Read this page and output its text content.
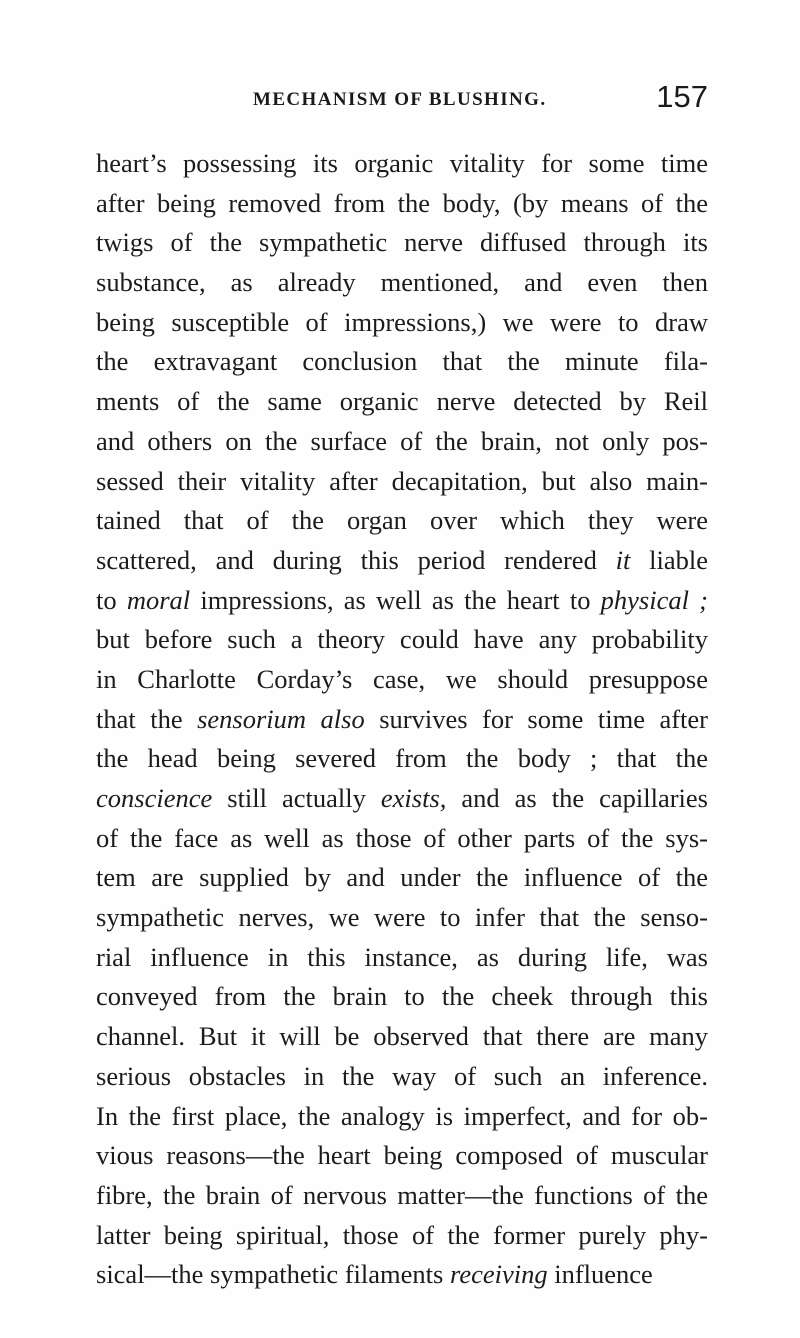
MECHANISM OF BLUSHING.	157
heart’s possessing its organic vitality for some time
after being removed from the body, (by means of the
twigs of the sympathetic nerve diffused through its
substance, as already mentioned, and even then
being susceptible of impressions,) we were to draw
the extravagant conclusion that the minute fila-
ments of the same organic nerve detected by Reil
and others on the surface of the brain, not only pos-
sessed their vitality after decapitation, but also main-
tained that of the organ over which they were
scattered, and during this period rendered it liable
to moral impressions, as well as the heart to physical ;
but before such a theory could have any probability
in Charlotte Corday’s case, we should presuppose
that the sensorium also survives for some time after
the head being severed from the body ; that the
conscience still actually exists, and as the capillaries
of the face as well as those of other parts of the sys-
tem are supplied by and under the influence of the
sympathetic nerves, we were to infer that the senso-
rial influence in this instance, as during life, was
conveyed from the brain to the cheek through this
channel. But it will be observed that there are many
serious obstacles in the way of such an inference.
In the first place, the analogy is imperfect, and for ob-
vious reasons—the heart being composed of muscular
fibre, the brain of nervous matter—the functions of the
latter being spiritual, those of the former purely phy-
sical—the sympathetic filaments receiving influence
